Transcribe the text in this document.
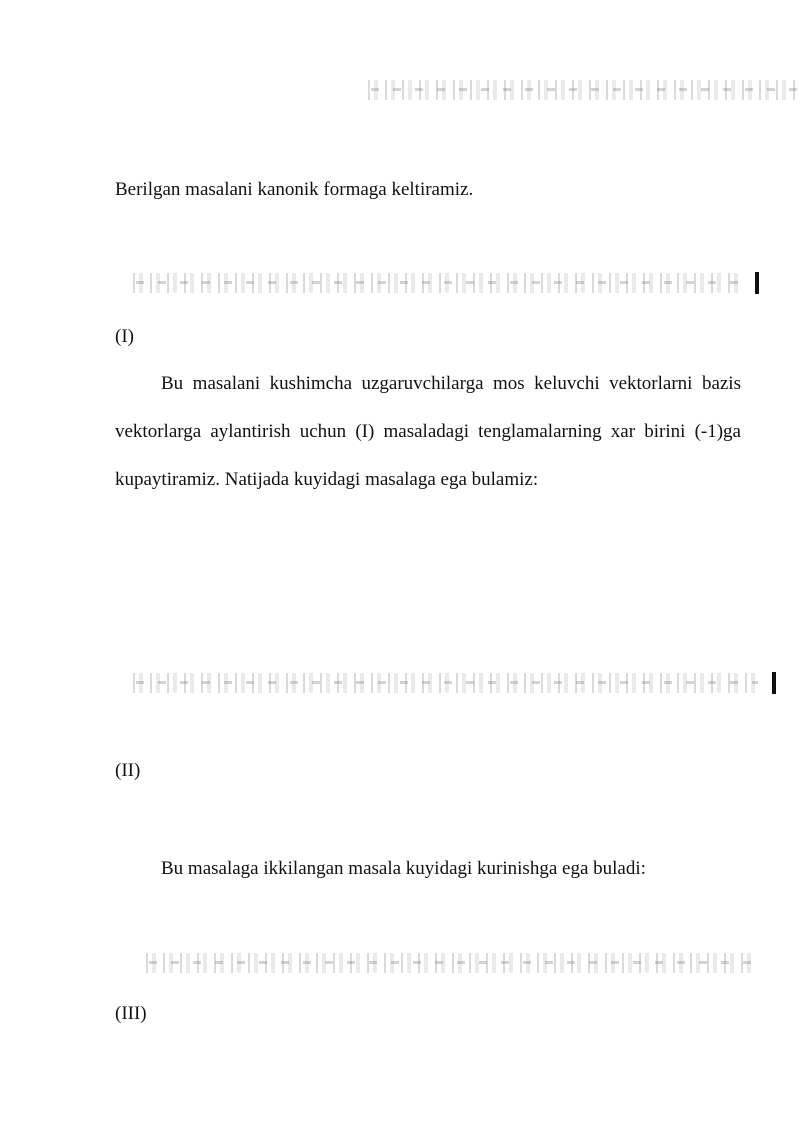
Berilgan masalani kanonik formaga keltiramiz.
(I)
Bu masalani kushimcha uzgaruvchilarga mos keluvchi vektorlarni bazis vektorlarga aylantirish uchun (I) masaladagi tenglamalarning xar birini (-1)ga kupaytiramiz. Natijada kuyidagi masalaga ega bulamiz:
(II)
Bu masalaga ikkilangan masala kuyidagi kurinishga ega buladi:
(III)
